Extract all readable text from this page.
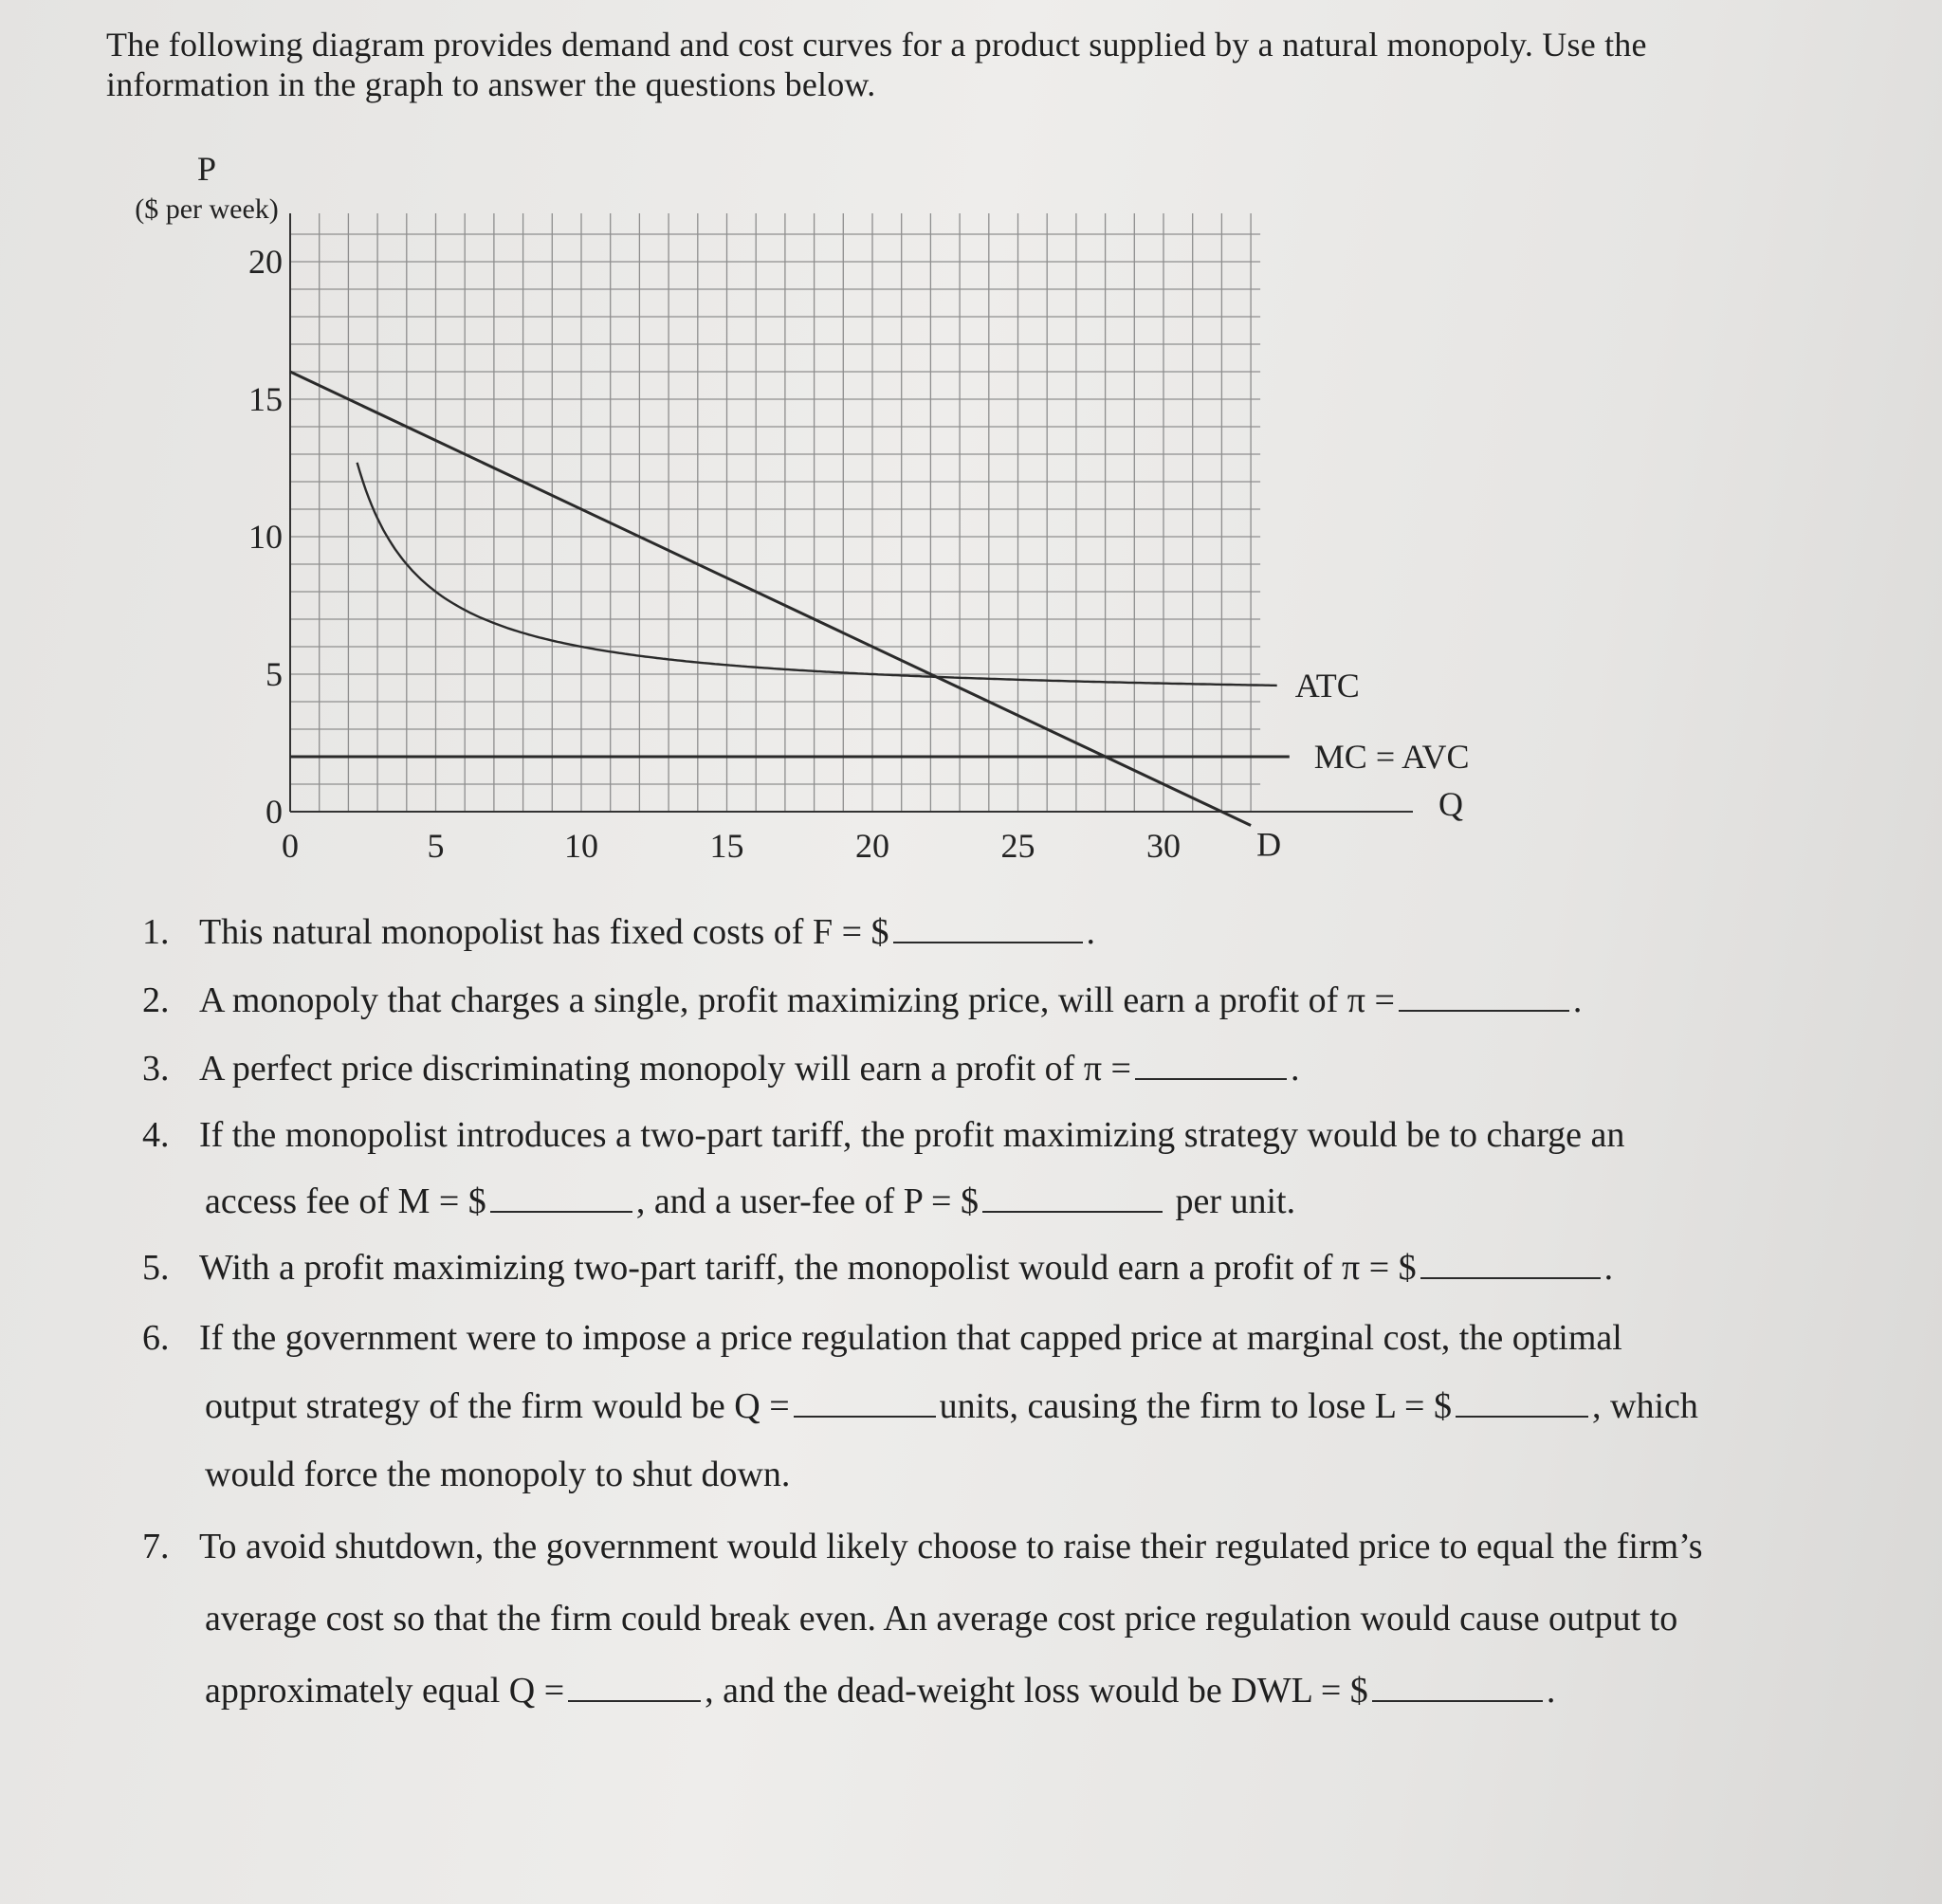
The following diagram provides demand and cost curves for a product supplied by a natural monopoly. Use the
information in the graph to answer the questions below.
0	5	10	15	20	25	30
0
5
10
15
20
P
($ per week)
Q
D
ATC
MC = AVC
1. This natural monopolist has fixed costs of F = $	.
2. A monopoly that charges a single, profit maximizing price, will earn a profit of π =	.
3. A perfect price discriminating monopoly will earn a profit of π =	.
4. If the monopolist introduces a two-part tariff, the profit maximizing strategy would be to charge an
access fee of M = $	, and a user-fee of P = $	per unit.
5. With a profit maximizing two-part tariff, the monopolist would earn a profit of π = $	.
6. If the government were to impose a price regulation that capped price at marginal cost, the optimal
output strategy of the firm would be Q =	units, causing the firm to lose L = $	, which
would force the monopoly to shut down.
7. To avoid shutdown, the government would likely choose to raise their regulated price to equal the firm’s
average cost so that the firm could break even. An average cost price regulation would cause output to
approximately equal Q =	, and the dead-weight loss would be DWL = $	.
